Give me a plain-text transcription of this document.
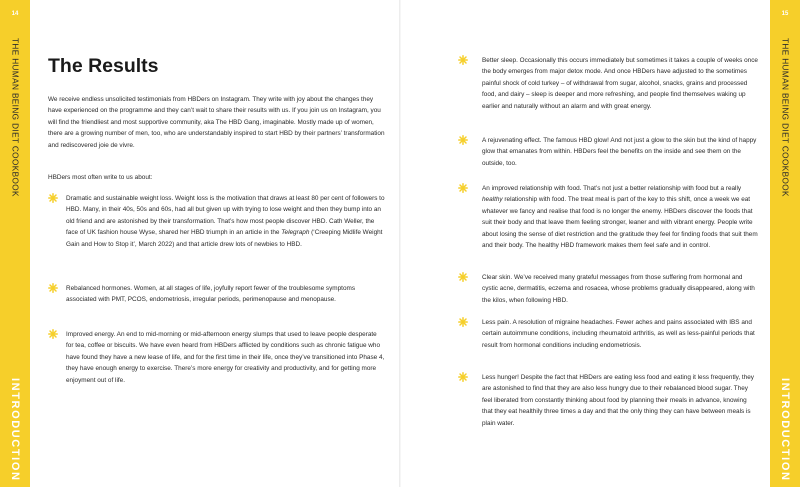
14
THE HUMAN BEING DIET COOKBOOK
INTRODUCTION
15
THE HUMAN BEING DIET COOKBOOK
INTRODUCTION
The Results

We receive endless unsolicited testimonials from HBDers on Instagram. They write with joy about the changes they have experienced on the programme and they can’t wait to share their results with us. If you join us on Instagram, you will find the friendliest and most supportive community, aka The HBD Gang, imaginable. Mostly made up of women, there are a growing number of men, too, who are understandably inspired to start HBD by their partners’ transformation and rediscovered joie de vivre.

HBDers most often write to us about:

Dramatic and sustainable weight loss. Weight loss is the motivation that draws at least 80 per cent of followers to HBD. Many, in their 40s, 50s and 60s, had all but given up with trying to lose weight and then they bump into an old friend and are astonished by their transformation. That’s how most people discover HBD. Cath Weller, the face of UK fashion house Wyse, shared her HBD triumph in an article in the Telegraph (‘Creeping Midlife Weight Gain and How to Stop it’, March 2022) and that article drew lots of newbies to HBD.

Rebalanced hormones. Women, at all stages of life, joyfully report fewer of the troublesome symptoms associated with PMT, PCOS, endometriosis, irregular periods, perimenopause and menopause.

Improved energy. An end to mid-morning or mid-afternoon energy slumps that used to leave people desperate for tea, coffee or biscuits. We have even heard from HBDers afflicted by conditions such as chronic fatigue who have found they have a new lease of life, and for the first time in their life, once they’ve transitioned into Phase 4, they have enough energy to exercise. There’s more energy for creativity and productivity, and for getting more enjoyment out of life.

Better sleep. Occasionally this occurs immediately but sometimes it takes a couple of weeks once the body emerges from major detox mode. And once HBDers have adjusted to the sometimes painful shock of cold turkey – of withdrawal from sugar, alcohol, snacks, grains and processed food, and dairy – sleep is deeper and more refreshing, and people find themselves waking up earlier and naturally without an alarm and with great energy.

A rejuvenating effect. The famous HBD glow! And not just a glow to the skin but the kind of happy glow that emanates from within. HBDers feel the benefits on the inside and see them on the outside, too.

An improved relationship with food. That’s not just a better relationship with food but a really healthy relationship with food. The treat meal is part of the key to this shift, once a week we eat whatever we fancy and realise that food is no longer the enemy. HBDers discover the foods that suit their body and that leave them feeling stronger, leaner and with vibrant energy. People write about losing the sense of diet restriction and the gratitude they feel for finding foods that suit them and their body. The healthy HBD framework makes them feel safe and in control.

Clear skin. We’ve received many grateful messages from those suffering from hormonal and cystic acne, dermatitis, eczema and rosacea, whose problems gradually disappeared, along with the kilos, when following HBD.

Less pain. A resolution of migraine headaches. Fewer aches and pains associated with IBS and certain autoimmune conditions, including rheumatoid arthritis, as well as less-painful periods that result from hormonal conditions including endometriosis.

Less hunger! Despite the fact that HBDers are eating less food and eating it less frequently, they are astonished to find that they are also less hungry due to their rebalanced blood sugar. They feel liberated from constantly thinking about food by planning their meals in advance, knowing that they eat healthily three times a day and that the only thing they can have between meals is plain water.
